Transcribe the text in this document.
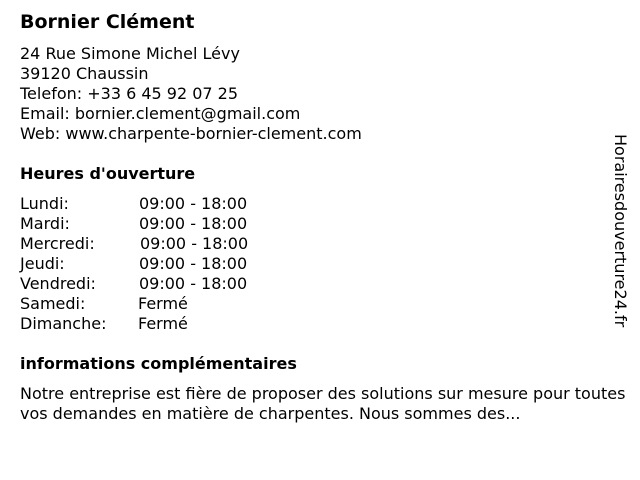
Bornier Clément
24 Rue Simone Michel Lévy
39120 Chaussin
Telefon: +33 6 45 92 07 25
Email: bornier.clement@gmail.com
Web: www.charpente-bornier-clement.com
Heures d'ouverture
Lundi:	09:00 - 18:00
Mardi:	09:00 - 18:00
Mercredi:	09:00 - 18:00
Jeudi:	09:00 - 18:00
Vendredi:	09:00 - 18:00
Samedi:	Fermé
Dimanche: Fermé
informations complémentaires
Notre entreprise est fière de proposer des solutions sur mesure pour toutes vos demandes en matière de charpentes. Nous sommes des...
Horairesdouverture24.fr
